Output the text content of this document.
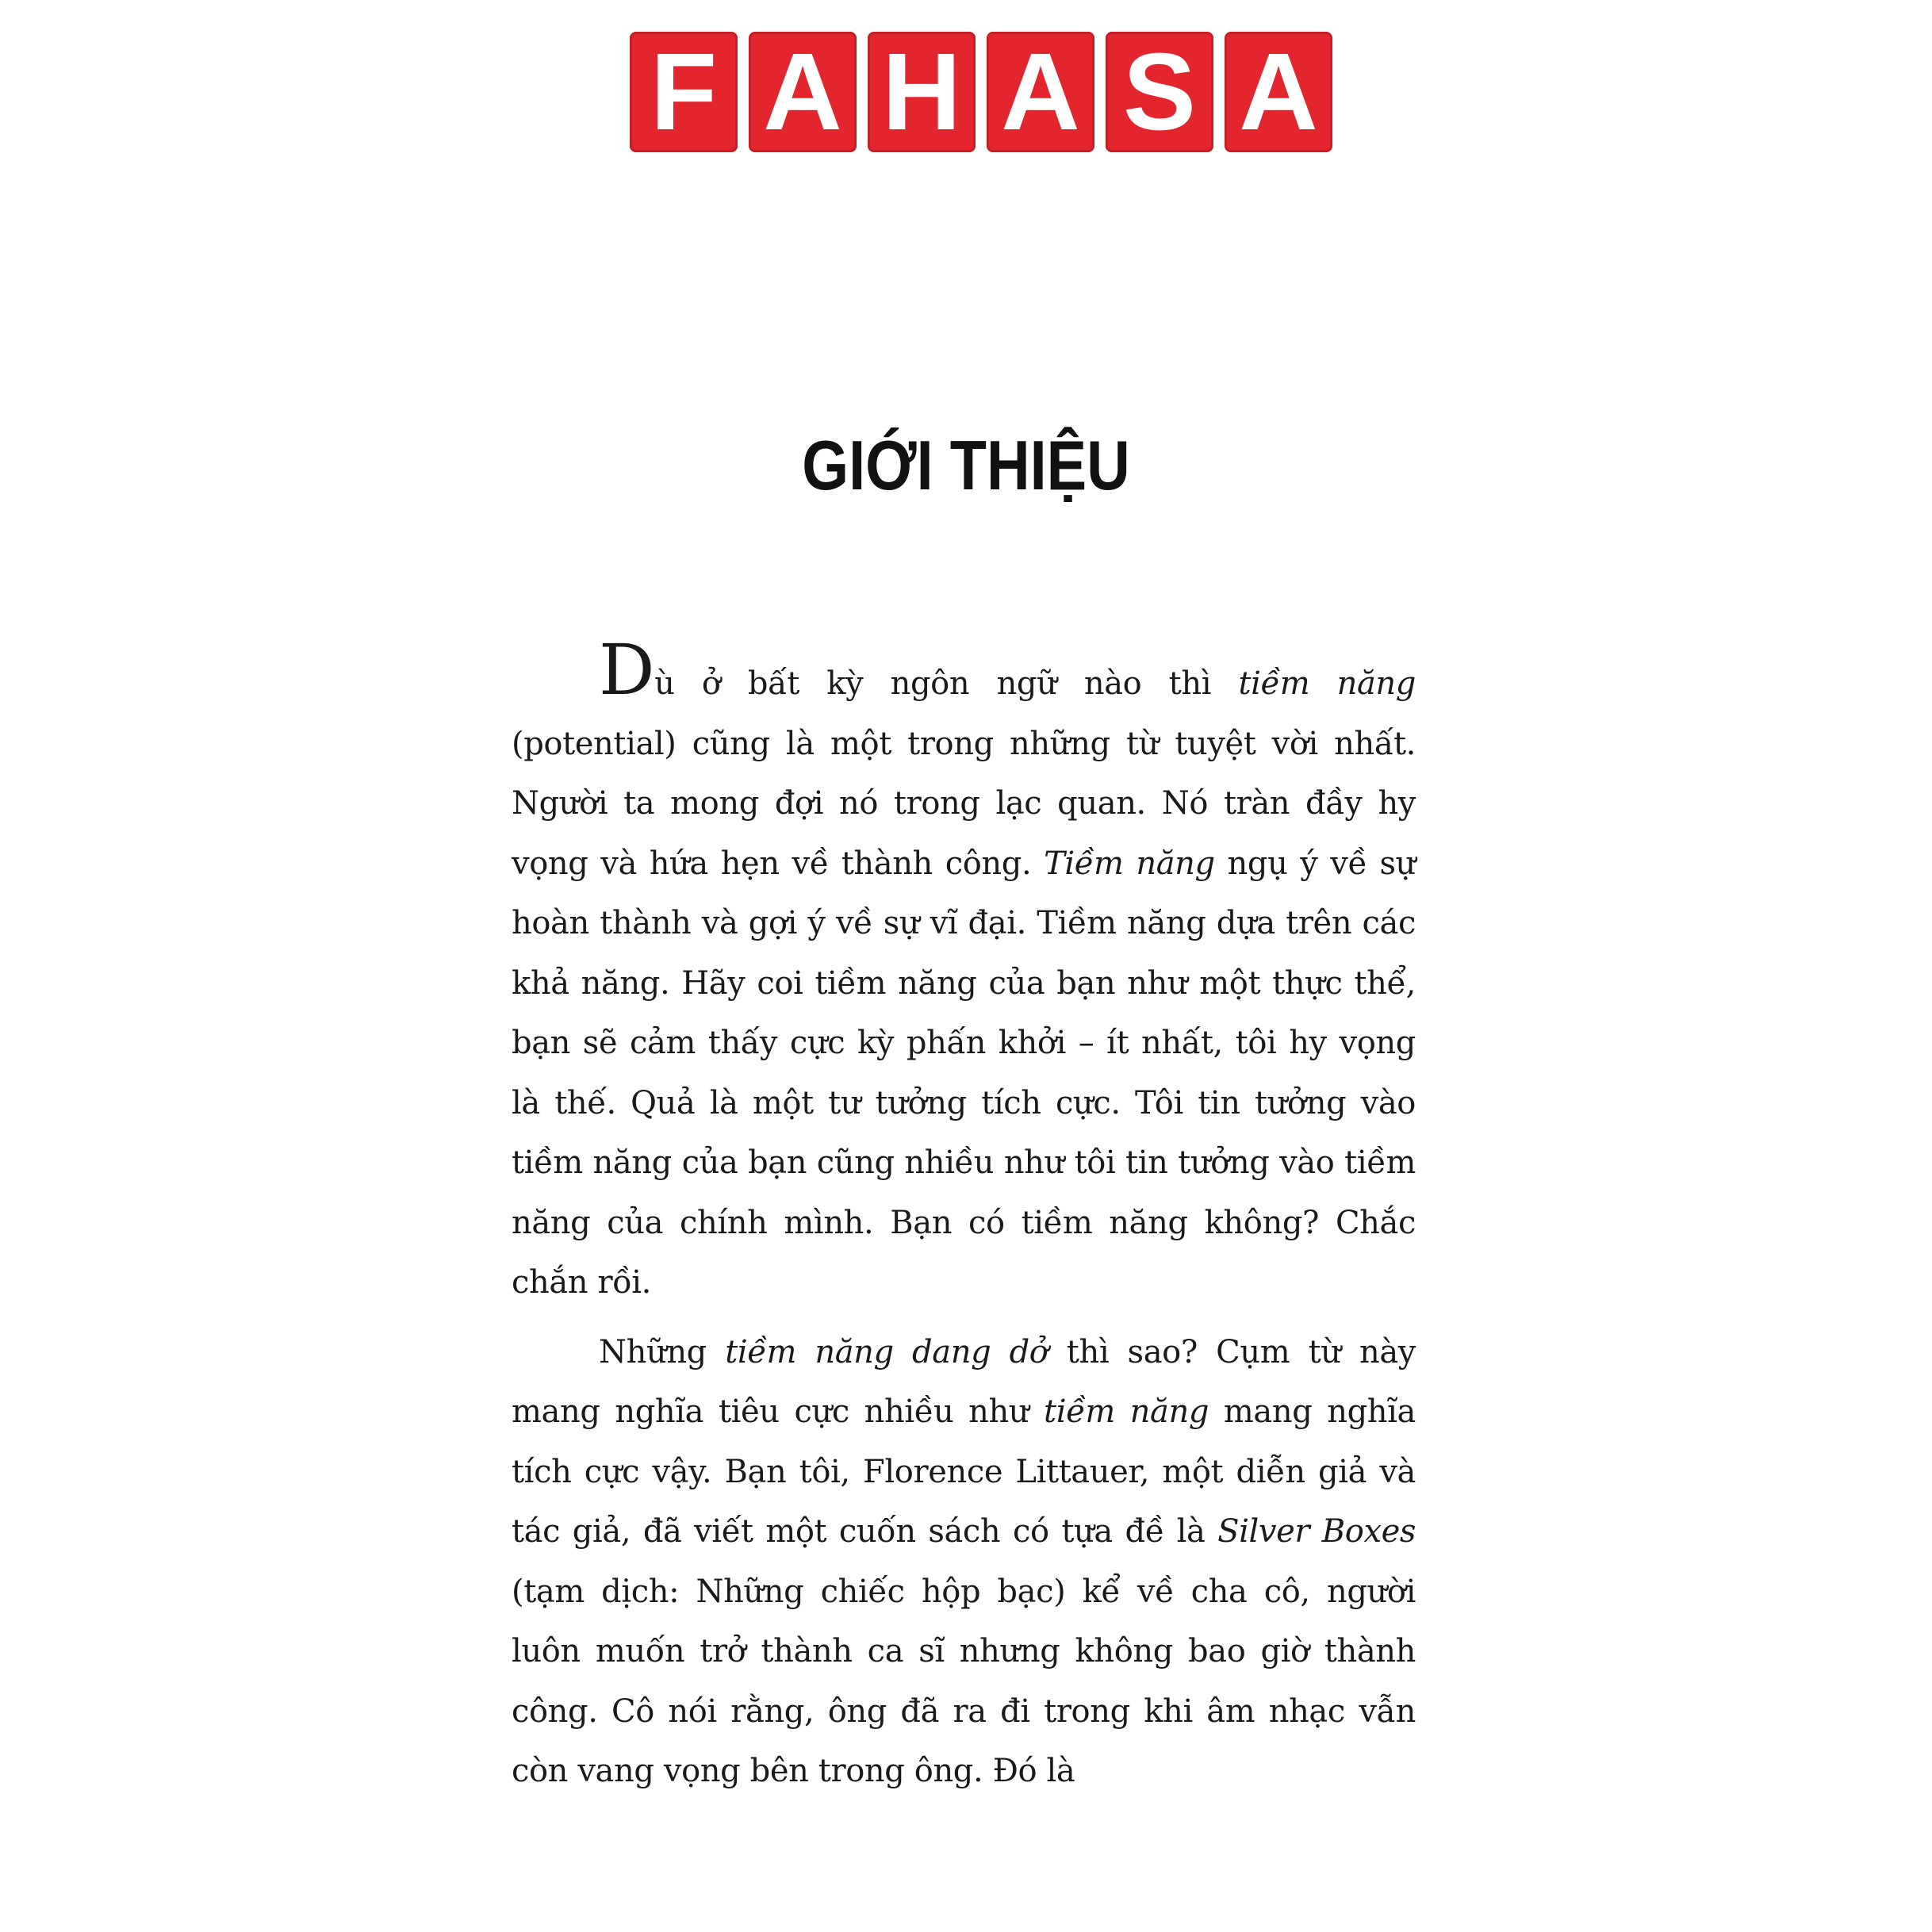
F A H A S A
GIỚI THIỆU

Dù ở bất kỳ ngôn ngữ nào thì tiềm năng (potential) cũng là một trong những từ tuyệt vời nhất. Người ta mong đợi nó trong lạc quan. Nó tràn đầy hy vọng và hứa hẹn về thành công. Tiềm năng ngụ ý về sự hoàn thành và gợi ý về sự vĩ đại. Tiềm năng dựa trên các khả năng. Hãy coi tiềm năng của bạn như một thực thể, bạn sẽ cảm thấy cực kỳ phấn khởi – ít nhất, tôi hy vọng là thế. Quả là một tư tưởng tích cực. Tôi tin tưởng vào tiềm năng của bạn cũng nhiều như tôi tin tưởng vào tiềm năng của chính mình. Bạn có tiềm năng không? Chắc chắn rồi.

Những tiềm năng dang dở thì sao? Cụm từ này mang nghĩa tiêu cực nhiều như tiềm năng mang nghĩa tích cực vậy. Bạn tôi, Florence Littauer, một diễn giả và tác giả, đã viết một cuốn sách có tựa đề là Silver Boxes (tạm dịch: Những chiếc hộp bạc) kể về cha cô, người luôn muốn trở thành ca sĩ nhưng không bao giờ thành công. Cô nói rằng, ông đã ra đi trong khi âm nhạc vẫn còn vang vọng bên trong ông. Đó là
